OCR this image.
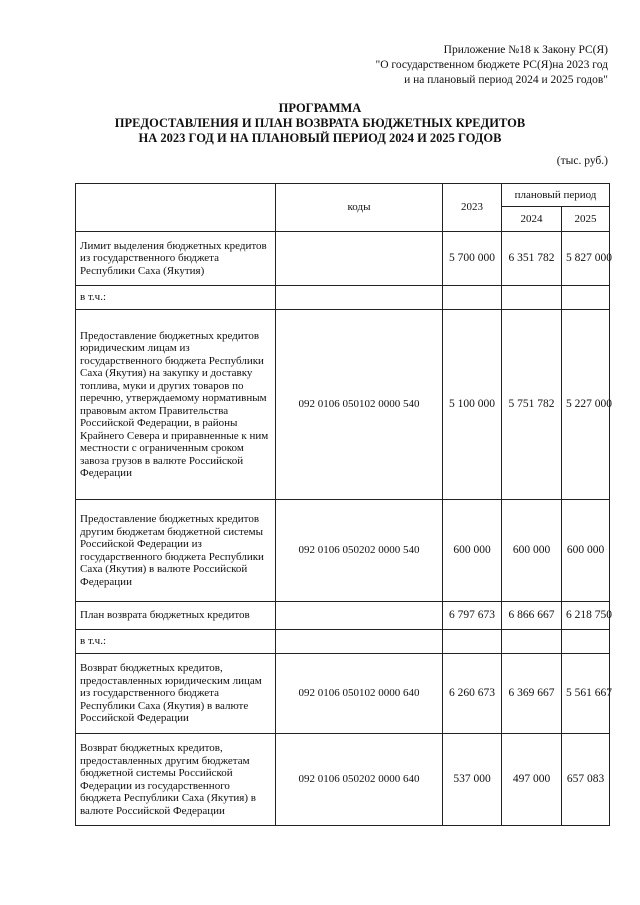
Приложение №18 к Закону РС(Я)
"О государственном бюджете РС(Я)на 2023 год
и на плановый период 2024 и 2025 годов"
ПРОГРАММА
ПРЕДОСТАВЛЕНИЯ И ПЛАН ВОЗВРАТА БЮДЖЕТНЫХ КРЕДИТОВ
НА 2023 ГОД И НА ПЛАНОВЫЙ ПЕРИОД 2024 И 2025 ГОДОВ
(тыс. руб.)
	коды	2023	плановый период	
			2024	2025
Лимит выделения бюджетных кредитов из государственного бюджета Республики Саха (Якутия)		5 700 000	6 351 782	5 827 000
в т.ч.:				
Предоставление бюджетных кредитов юридическим лицам из государственного бюджета Республики Саха (Якутия) на закупку и доставку топлива, муки и других товаров по перечню, утверждаемому нормативным правовым актом Правительства Российской Федерации, в районы Крайнего Севера и приравненные к ним местности с ограниченным сроком завоза грузов в валюте Российской Федерации	092 0106 050102 0000 540	5 100 000	5 751 782	5 227 000
Предоставление бюджетных кредитов другим бюджетам бюджетной системы Российской Федерации из государственного бюджета Республики Саха (Якутия) в валюте Российской Федерации	092 0106 050202 0000 540	600 000	600 000	600 000
План возврата бюджетных кредитов		6 797 673	6 866 667	6 218 750
в т.ч.:				
Возврат бюджетных кредитов, предоставленных юридическим лицам из государственного бюджета Республики Саха (Якутия) в валюте Российской Федерации	092 0106 050102 0000 640	6 260 673	6 369 667	5 561 667
Возврат бюджетных кредитов, предоставленных другим бюджетам бюджетной системы Российской Федерации из государственного бюджета Республики Саха (Якутия) в валюте Российской Федерации	092 0106 050202 0000 640	537 000	497 000	657 083
